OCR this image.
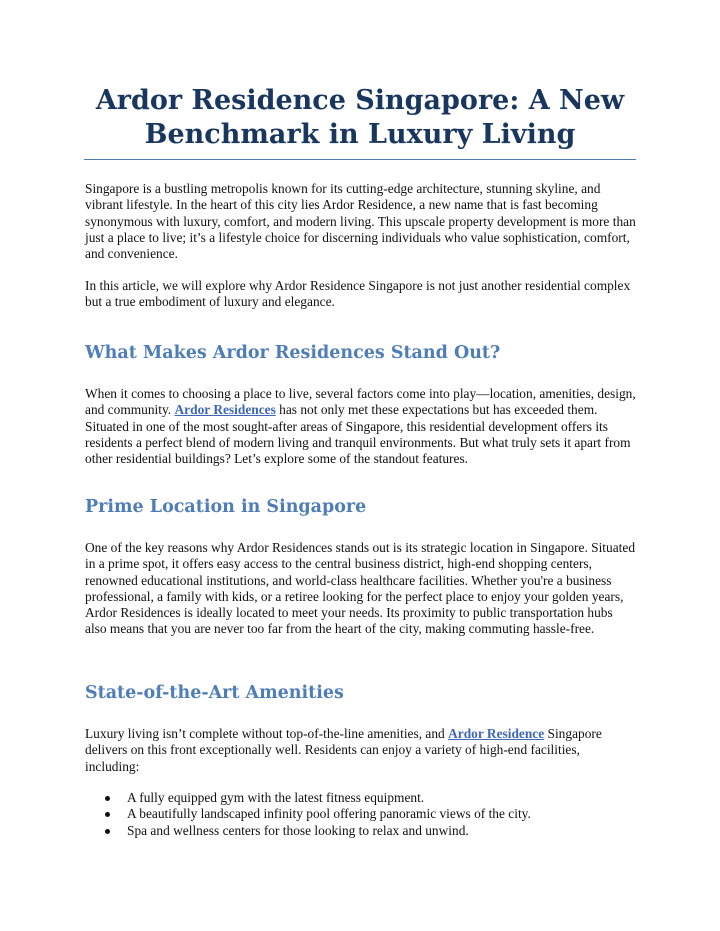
Ardor Residence Singapore: A New Benchmark in Luxury Living

Singapore is a bustling metropolis known for its cutting-edge architecture, stunning skyline, and vibrant lifestyle. In the heart of this city lies Ardor Residence, a new name that is fast becoming synonymous with luxury, comfort, and modern living. This upscale property development is more than just a place to live; it’s a lifestyle choice for discerning individuals who value sophistication, comfort, and convenience.

In this article, we will explore why Ardor Residence Singapore is not just another residential complex but a true embodiment of luxury and elegance.

What Makes Ardor Residences Stand Out?

When it comes to choosing a place to live, several factors come into play—location, amenities, design, and community. Ardor Residences has not only met these expectations but has exceeded them. Situated in one of the most sought-after areas of Singapore, this residential development offers its residents a perfect blend of modern living and tranquil environments. But what truly sets it apart from other residential buildings? Let’s explore some of the standout features.

Prime Location in Singapore

One of the key reasons why Ardor Residences stands out is its strategic location in Singapore. Situated in a prime spot, it offers easy access to the central business district, high-end shopping centers, renowned educational institutions, and world-class healthcare facilities. Whether you're a business professional, a family with kids, or a retiree looking for the perfect place to enjoy your golden years, Ardor Residences is ideally located to meet your needs. Its proximity to public transportation hubs also means that you are never too far from the heart of the city, making commuting hassle-free.

State-of-the-Art Amenities

Luxury living isn’t complete without top-of-the-line amenities, and Ardor Residence Singapore delivers on this front exceptionally well. Residents can enjoy a variety of high-end facilities, including:

A fully equipped gym with the latest fitness equipment.
A beautifully landscaped infinity pool offering panoramic views of the city.
Spa and wellness centers for those looking to relax and unwind.
